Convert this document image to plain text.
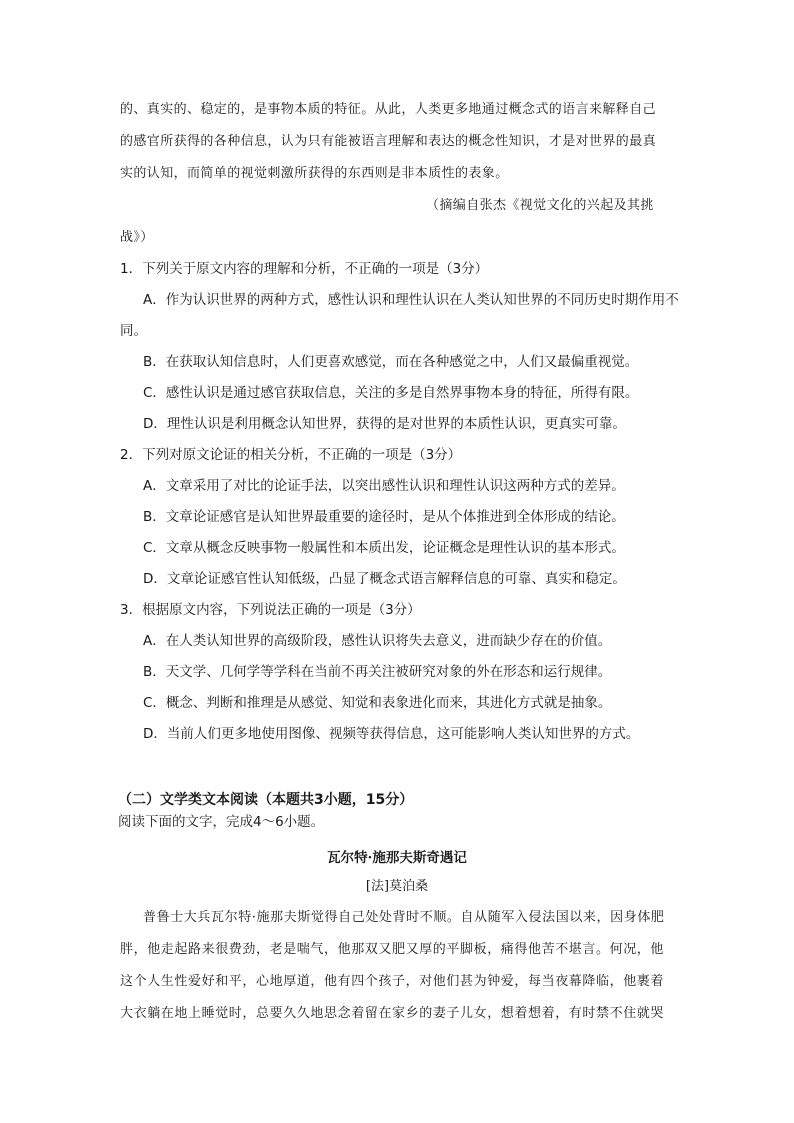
的、真实的、稳定的，是事物本质的特征。从此，人类更多地通过概念式的语言来解释自己
的感官所获得的各种信息，认为只有能被语言理解和表达的概念性知识，才是对世界的最真
实的认知，而简单的视觉刺激所获得的东西则是非本质性的表象。
（摘编自张杰《视觉文化的兴起及其挑
战》）
1．下列关于原文内容的理解和分析，不正确的一项是（3分）
A．作为认识世界的两种方式，感性认识和理性认识在人类认知世界的不同历史时期作用不
同。
B．在获取认知信息时，人们更喜欢感觉，而在各种感觉之中，人们又最偏重视觉。
C．感性认识是通过感官获取信息，关注的多是自然界事物本身的特征，所得有限。
D．理性认识是利用概念认知世界，获得的是对世界的本质性认识，更真实可靠。
2．下列对原文论证的相关分析，不正确的一项是（3分）
A．文章采用了对比的论证手法，以突出感性认识和理性认识这两种方式的差异。
B．文章论证感官是认知世界最重要的途径时，是从个体推进到全体形成的结论。
C．文章从概念反映事物一般属性和本质出发，论证概念是理性认识的基本形式。
D．文章论证感官性认知低级，凸显了概念式语言解释信息的可靠、真实和稳定。
3．根据原文内容，下列说法正确的一项是（3分）
A．在人类认知世界的高级阶段，感性认识将失去意义，进而缺少存在的价值。
B．天文学、几何学等学科在当前不再关注被研究对象的外在形态和运行规律。
C．概念、判断和推理是从感觉、知觉和表象进化而来，其进化方式就是抽象。
D．当前人们更多地使用图像、视频等获得信息，这可能影响人类认知世界的方式。
（二）文学类文本阅读（本题共3小题，15分）
阅读下面的文字，完成4～6小题。
瓦尔特·施那夫斯奇遇记
[法]莫泊桑
普鲁士大兵瓦尔特·施那夫斯觉得自己处处背时不顺。自从随军入侵法国以来，因身体肥
胖，他走起路来很费劲，老是喘气，他那双又肥又厚的平脚板，痛得他苦不堪言。何况，他
这个人生性爱好和平，心地厚道，他有四个孩子，对他们甚为钟爱，每当夜幕降临，他裹着
大衣躺在地上睡觉时，总要久久地思念着留在家乡的妻子儿女，想着想着，有时禁不住就哭
